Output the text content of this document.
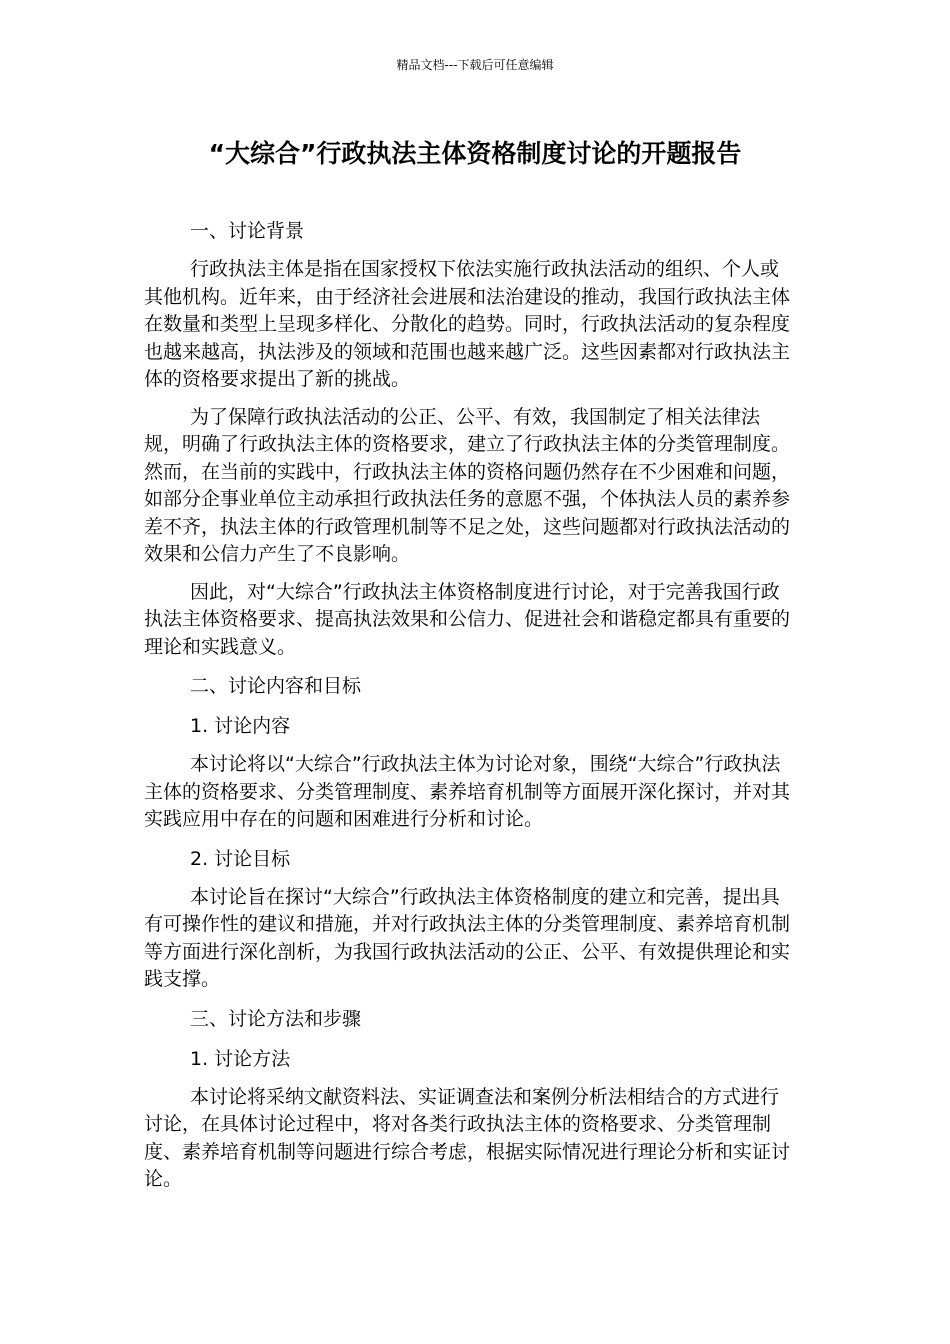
精品文档---下载后可任意编辑
“大综合”行政执法主体资格制度讨论的开题报告
一、讨论背景

行政执法主体是指在国家授权下依法实施行政执法活动的组织、个人或其他机构。近年来，由于经济社会进展和法治建设的推动，我国行政执法主体在数量和类型上呈现多样化、分散化的趋势。同时，行政执法活动的复杂程度也越来越高，执法涉及的领域和范围也越来越广泛。这些因素都对行政执法主体的资格要求提出了新的挑战。

为了保障行政执法活动的公正、公平、有效，我国制定了相关法律法规，明确了行政执法主体的资格要求，建立了行政执法主体的分类管理制度。然而，在当前的实践中，行政执法主体的资格问题仍然存在不少困难和问题，如部分企事业单位主动承担行政执法任务的意愿不强，个体执法人员的素养参差不齐，执法主体的行政管理机制等不足之处，这些问题都对行政执法活动的效果和公信力产生了不良影响。

因此，对“大综合”行政执法主体资格制度进行讨论，对于完善我国行政执法主体资格要求、提高执法效果和公信力、促进社会和谐稳定都具有重要的理论和实践意义。

二、讨论内容和目标
1. 讨论内容

本讨论将以“大综合”行政执法主体为讨论对象，围绕“大综合”行政执法主体的资格要求、分类管理制度、素养培育机制等方面展开深化探讨，并对其实践应用中存在的问题和困难进行分析和讨论。

2. 讨论目标

本讨论旨在探讨“大综合”行政执法主体资格制度的建立和完善，提出具有可操作性的建议和措施，并对行政执法主体的分类管理制度、素养培育机制等方面进行深化剖析，为我国行政执法活动的公正、公平、有效提供理论和实践支撑。

三、讨论方法和步骤
1. 讨论方法

本讨论将采纳文献资料法、实证调查法和案例分析法相结合的方式进行讨论，在具体讨论过程中，将对各类行政执法主体的资格要求、分类管理制度、素养培育机制等问题进行综合考虑，根据实际情况进行理论分析和实证讨论。
